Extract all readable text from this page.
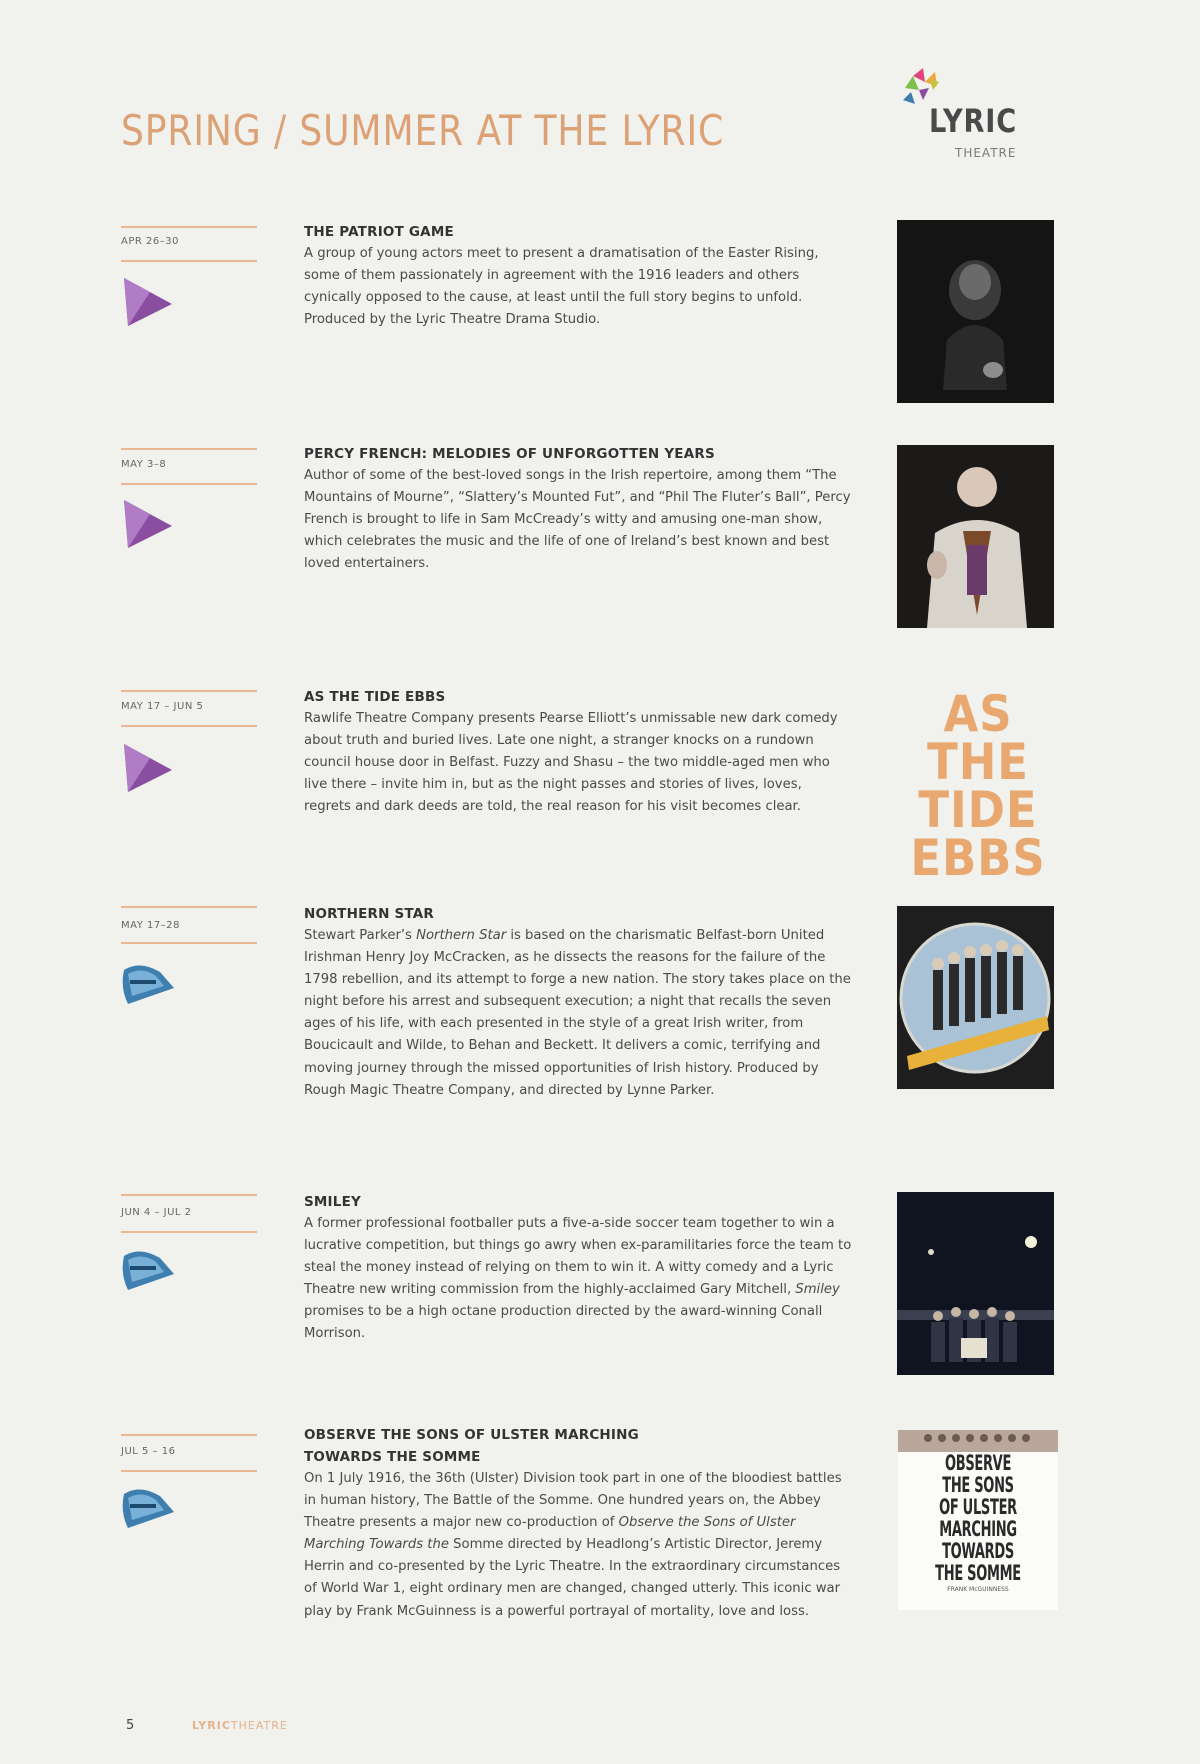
SPRING / SUMMER AT THE LYRIC	LYRIC
THEATRE
APR 26–30
THE PATRIOT GAME
A group of young actors meet to present a dramatisation of the Easter Rising, some of them passionately in agreement with the 1916 leaders and others cynically opposed to the cause, at least until the full story begins to unfold. Produced by the Lyric Theatre Drama Studio.
MAY 3–8
PERCY FRENCH: MELODIES OF UNFORGOTTEN YEARS
Author of some of the best-loved songs in the Irish repertoire, among them “The Mountains of Mourne”, “Slattery’s Mounted Fut”, and “Phil The Fluter’s Ball”, Percy French is brought to life in Sam McCready’s witty and amusing one-man show, which celebrates the music and the life of one of Ireland’s best known and best loved entertainers.
MAY 17 – JUN 5
AS THE TIDE EBBS
Rawlife Theatre Company presents Pearse Elliott’s unmissable new dark comedy about truth and buried lives. Late one night, a stranger knocks on a rundown council house door in Belfast. Fuzzy and Shasu – the two middle-aged men who live there – invite him in, but as the night passes and stories of lives, loves, regrets and dark deeds are told, the real reason for his visit becomes clear.
AS THE
TIDE
EBBS
MAY 17–28
NORTHERN STAR
Stewart Parker’s Northern Star is based on the charismatic Belfast-born United Irishman Henry Joy McCracken, as he dissects the reasons for the failure of the 1798 rebellion, and its attempt to forge a new nation. The story takes place on the night before his arrest and subsequent execution; a night that recalls the seven ages of his life, with each presented in the style of a great Irish writer, from Boucicault and Wilde, to Behan and Beckett. It delivers a comic, terrifying and moving journey through the missed opportunities of Irish history. Produced by Rough Magic Theatre Company, and directed by Lynne Parker.
JUN 4 – JUL 2
SMILEY
A former professional footballer puts a five-a-side soccer team together to win a lucrative competition, but things go awry when ex-paramilitaries force the team to steal the money instead of relying on them to win it. A witty comedy and a Lyric Theatre new writing commission from the highly-acclaimed Gary Mitchell, Smiley promises to be a high octane production directed by the award-winning Conall Morrison.
JUL 5 – 16
OBSERVE THE SONS OF ULSTER MARCHING
TOWARDS THE SOMME
On 1 July 1916, the 36th (Ulster) Division took part in one of the bloodiest battles in human history, The Battle of the Somme. One hundred years on, the Abbey Theatre presents a major new co-production of Observe the Sons of Ulster Marching Towards the Somme directed by Headlong’s Artistic Director, Jeremy Herrin and co-presented by the Lyric Theatre. In the extraordinary circumstances of World War 1, eight ordinary men are changed, changed utterly. This iconic war play by Frank McGuinness is a powerful portrayal of mortality, love and loss.
OBSERVE
THE SONS
OF ULSTER
MARCHING
TOWARDS
THE SOMME
FRANK McGUINNESS
5	LYRICTHEATRE
